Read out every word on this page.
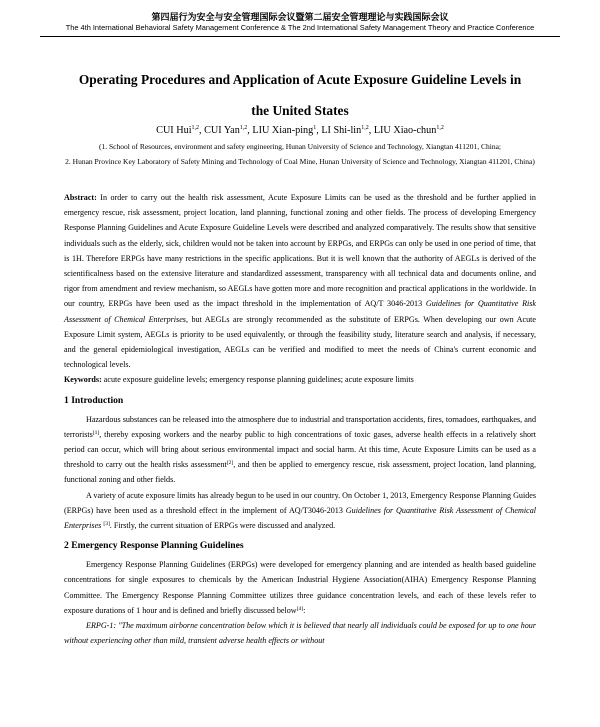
第四届行为安全与安全管理国际会议暨第二届安全管理理论与实践国际会议
The 4th International Behavioral Safety Management Conference & The 2nd International Safety Management Theory and Practice Conference
Operating Procedures and Application of Acute Exposure Guideline Levels in
the United States
CUI Hui$^{1,2}$, CUI Yan$^{1,2}$, LIU Xian-ping$^1$, LI Shi-lin$^{1,2}$, LIU Xiao-chun$^{1,2}$
(1. School of Resources, environment and safety engineering, Hunan University of Science and Technology, Xiangtan 411201, China;
2. Hunan Province Key Laboratory of Safety Mining and Technology of Coal Mine, Hunan University of Science and Technology, Xiangtan 411201, China)

Abstract: In order to carry out the health risk assessment, Acute Exposure Limits can be used as the threshold and be further applied in emergency rescue, risk assessment, project location, land planning, functional zoning and other fields. The process of developing Emergency Response Planning Guidelines and Acute Exposure Guideline Levels were described and analyzed comparatively. The results show that sensitive individuals such as the elderly, sick, children would not be taken into account by ERPGs, and ERPGs can only be used in one period of time, that is 1H. Therefore ERPGs have many restrictions in the specific applications. But it is well known that the authority of AEGLs is derived of the scientificalness based on the extensive literature and standardized assessment, transparency with all technical data and documents online, and rigor from amendment and review mechanism, so AEGLs have gotten more and more recognition and practical applications in the worldwide. In our country, ERPGs have been used as the impact threshold in the implementation of AQ/T 3046-2013 Guidelines for Quantitative Risk Assessment of Chemical Enterprises, but AEGLs are strongly recommended as the substitute of ERPGs. When developing our own Acute Exposure Limit system, AEGLs is priority to be used equivalently, or through the feasibility study, literature search and analysis, if necessary, and the general epidemiological investigation, AEGLs can be verified and modified to meet the needs of China's current economic and technological levels.

Keywords: acute exposure guideline levels; emergency response planning guidelines; acute exposure limits

1 Introduction

Hazardous substances can be released into the atmosphere due to industrial and transportation accidents, fires, tornadoes, earthquakes, and terrorists[1], thereby exposing workers and the nearby public to high concentrations of toxic gases, adverse health effects in a relatively short period can occur, which will bring about serious environmental impact and social harm. At this time, Acute Exposure Limits can be used as a threshold to carry out the health risks assessment[2], and then be applied to emergency rescue, risk assessment, project location, land planning, functional zoning and other fields.

A variety of acute exposure limits has already begun to be used in our country. On October 1, 2013, Emergency Response Planning Guides (ERPGs) have been used as a threshold effect in the implement of AQ/T3046-2013 Guidelines for Quantitative Risk Assessment of Chemical Enterprises [3]. Firstly, the current situation of ERPGs were discussed and analyzed.

2 Emergency Response Planning Guidelines

Emergency Response Planning Guidelines (ERPGs) were developed for emergency planning and are intended as health based guideline concentrations for single exposures to chemicals by the American Industrial Hygiene Association(AIHA) Emergency Response Planning Committee. The Emergency Response Planning Committee utilizes three guidance concentration levels, and each of these levels refer to exposure durations of 1 hour and is defined and briefly discussed below[4]:

ERPG-1: "The maximum airborne concentration below which it is believed that nearly all individuals could be exposed for up to one hour without experiencing other than mild, transient adverse health effects or without
